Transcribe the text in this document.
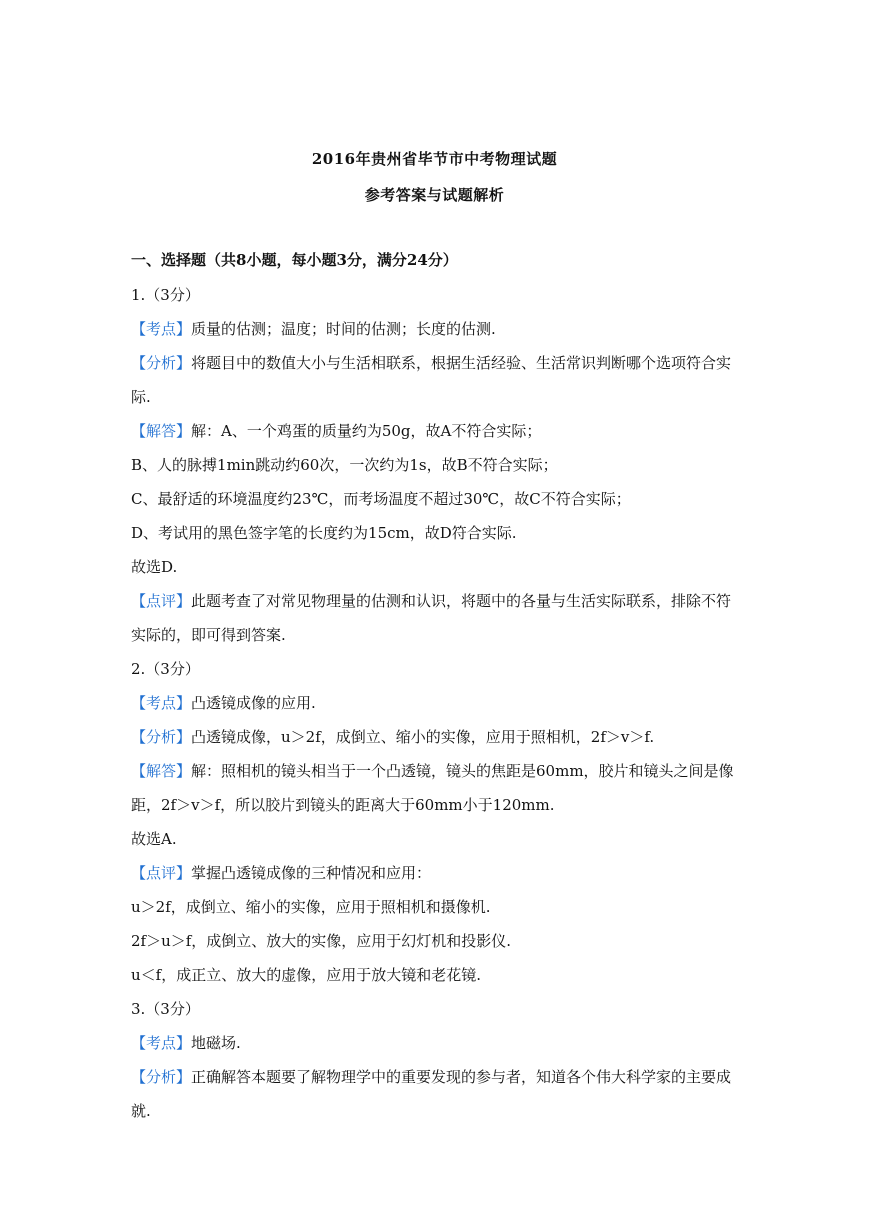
2016年贵州省毕节市中考物理试题
参考答案与试题解析
一、选择题（共8小题，每小题3分，满分24分）
1.（3分）
【考点】质量的估测；温度；时间的估测；长度的估测.
【分析】将题目中的数值大小与生活相联系，根据生活经验、生活常识判断哪个选项符合实
际.
【解答】解：A、一个鸡蛋的质量约为50g，故A不符合实际；
B、人的脉搏1min跳动约60次，一次约为1s，故B不符合实际；
C、最舒适的环境温度约23℃，而考场温度不超过30℃，故C不符合实际；
D、考试用的黑色签字笔的长度约为15cm，故D符合实际.
故选D.
【点评】此题考查了对常见物理量的估测和认识，将题中的各量与生活实际联系，排除不符
实际的，即可得到答案.
2.（3分）
【考点】凸透镜成像的应用.
【分析】凸透镜成像，u＞2f，成倒立、缩小的实像，应用于照相机，2f＞v＞f.
【解答】解：照相机的镜头相当于一个凸透镜，镜头的焦距是60mm，胶片和镜头之间是像
距，2f＞v＞f，所以胶片到镜头的距离大于60mm小于120mm.
故选A.
【点评】掌握凸透镜成像的三种情况和应用：
u＞2f，成倒立、缩小的实像，应用于照相机和摄像机.
2f＞u＞f，成倒立、放大的实像，应用于幻灯机和投影仪.
u＜f，成正立、放大的虚像，应用于放大镜和老花镜.
3.（3分）
【考点】地磁场.
【分析】正确解答本题要了解物理学中的重要发现的参与者，知道各个伟大科学家的主要成
就.
